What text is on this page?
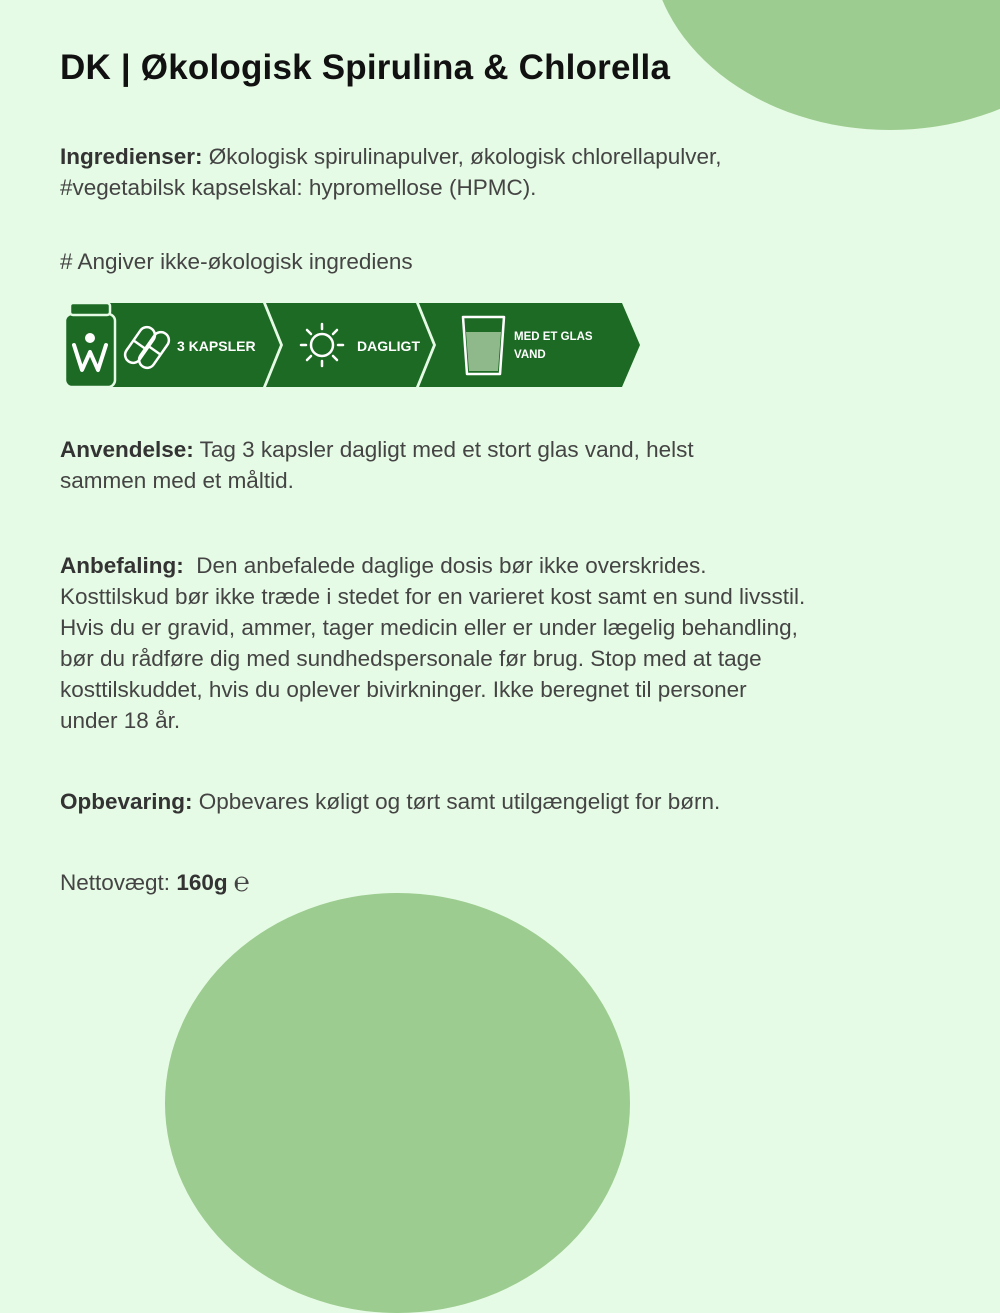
DK | Økologisk Spirulina & Chlorella

Ingredienser: Økologisk spirulinapulver, økologisk chlorellapulver,
#vegetabilsk kapselskal: hypromellose (HPMC).

# Angiver ikke-økologisk ingrediens

3 KAPSLER	DAGLIGT
MED ET GLAS
VAND

Anvendelse: Tag 3 kapsler dagligt med et stort glas vand, helst
sammen med et måltid.

Anbefaling:  Den anbefalede daglige dosis bør ikke overskrides.
Kosttilskud bør ikke træde i stedet for en varieret kost samt en sund livsstil.
Hvis du er gravid, ammer, tager medicin eller er under lægelig behandling,
bør du rådføre dig med sundhedspersonale før brug. Stop med at tage
kosttilskuddet, hvis du oplever bivirkninger. Ikke beregnet til personer
under 18 år.

Opbevaring: Opbevares køligt og tørt samt utilgængeligt for børn.

Nettovægt: 160g ℮
